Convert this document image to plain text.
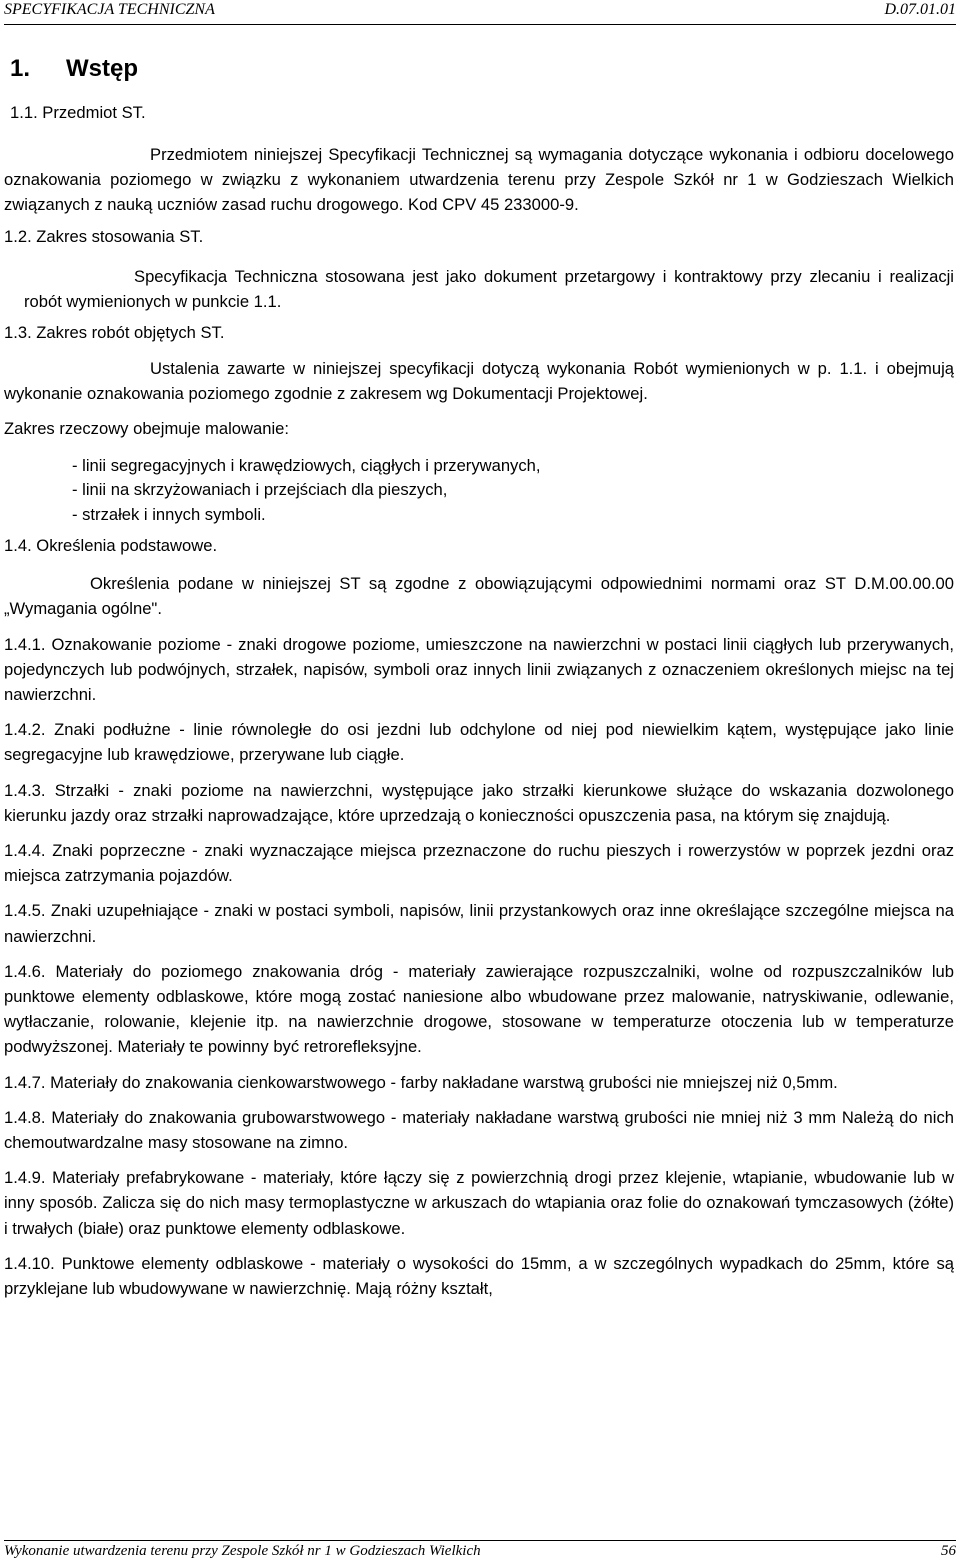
SPECYFIKACJA TECHNICZNA	D.07.01.01
1. Wstęp
1.1. Przedmiot ST.

Przedmiotem niniejszej Specyfikacji Technicznej są wymagania dotyczące wykonania i odbioru docelowego oznakowania poziomego w związku z wykonaniem utwardzenia terenu przy Zespole Szkół nr 1 w Godzieszach Wielkich związanych z nauką uczniów zasad ruchu drogowego. Kod CPV 45 233000-9.

1.2. Zakres stosowania ST.

Specyfikacja Techniczna stosowana jest jako dokument przetargowy i kontraktowy przy zlecaniu i realizacji robót wymienionych w punkcie 1.1.

1.3. Zakres robót objętych ST.

Ustalenia zawarte w niniejszej specyfikacji dotyczą wykonania Robót wymienionych w p. 1.1. i obejmują wykonanie oznakowania poziomego zgodnie z zakresem wg Dokumentacji Projektowej.

Zakres rzeczowy obejmuje malowanie:

- linii segregacyjnych i krawędziowych, ciągłych i przerywanych,
- linii na skrzyżowaniach i przejściach dla pieszych,
- strzałek i innych symboli.
1.4. Określenia podstawowe.

Określenia podane w niniejszej ST są zgodne z obowiązującymi odpowiednimi normami oraz ST D.M.00.00.00 „Wymagania ogólne".

1.4.1. Oznakowanie poziome - znaki drogowe poziome, umieszczone na nawierzchni w postaci linii ciągłych lub przerywanych, pojedynczych lub podwójnych, strzałek, napisów, symboli oraz innych linii związanych z oznaczeniem określonych miejsc na tej nawierzchni.

1.4.2. Znaki podłużne - linie równoległe do osi jezdni lub odchylone od niej pod niewielkim kątem, występujące jako linie segregacyjne lub krawędziowe, przerywane lub ciągłe.

1.4.3. Strzałki - znaki poziome na nawierzchni, występujące jako strzałki kierunkowe służące do wskazania dozwolonego kierunku jazdy oraz strzałki naprowadzające, które uprzedzają o konieczności opuszczenia pasa, na którym się znajdują.

1.4.4. Znaki poprzeczne - znaki wyznaczające miejsca przeznaczone do ruchu pieszych i rowerzystów w poprzek jezdni oraz miejsca zatrzymania pojazdów.

1.4.5. Znaki uzupełniające - znaki w postaci symboli, napisów, linii przystankowych oraz inne określające szczególne miejsca na nawierzchni.

1.4.6. Materiały do poziomego znakowania dróg - materiały zawierające rozpuszczalniki, wolne od rozpuszczalników lub punktowe elementy odblaskowe, które mogą zostać naniesione albo wbudowane przez malowanie, natryskiwanie, odlewanie, wytłaczanie, rolowanie, klejenie itp. na nawierzchnie drogowe, stosowane w temperaturze otoczenia lub w temperaturze podwyższonej. Materiały te powinny być retrorefleksyjne.

1.4.7. Materiały do znakowania cienkowarstwowego - farby nakładane warstwą grubości nie mniejszej niż 0,5mm.

1.4.8. Materiały do znakowania grubowarstwowego - materiały nakładane warstwą grubości nie mniej niż 3 mm Należą do nich chemoutwardzalne masy stosowane na zimno.

1.4.9. Materiały prefabrykowane - materiały, które łączy się z powierzchnią drogi przez klejenie, wtapianie, wbudowanie lub w inny sposób. Zalicza się do nich masy termoplastyczne w arkuszach do wtapiania oraz folie do oznakowań tymczasowych (żółte) i trwałych (białe) oraz punktowe elementy odblaskowe.

1.4.10. Punktowe elementy odblaskowe - materiały o wysokości do 15mm, a w szczególnych wypadkach do 25mm, które są przyklejane lub wbudowywane w nawierzchnię. Mają różny kształt,

Wykonanie utwardzenia terenu przy Zespole Szkół nr 1 w Godzieszach Wielkich	56
